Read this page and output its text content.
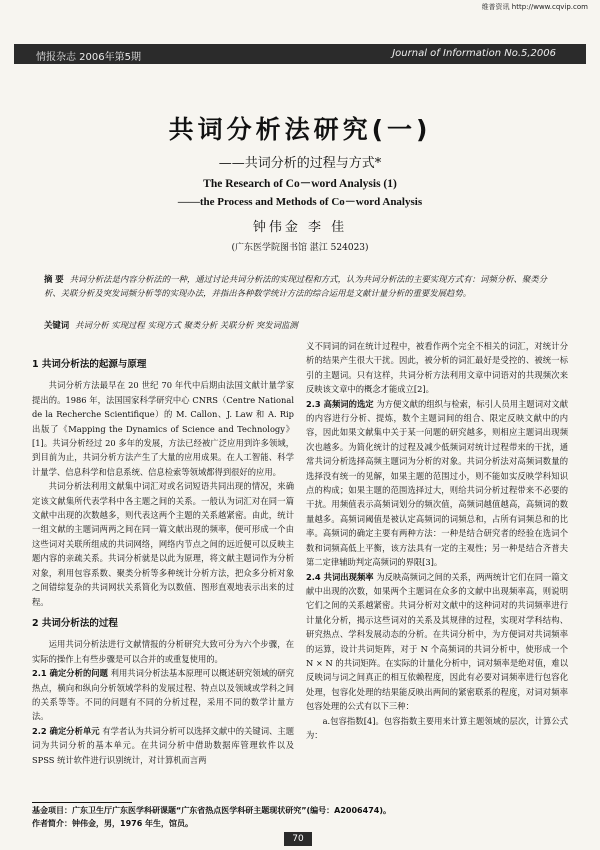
维普资讯 http://www.cqvip.com
情报杂志 2006年第5期	Journal of Information No.5,2006
共词分析法研究(一)
——共词分析的过程与方式*
The Research of Co－word Analysis (1)
——the Process and Methods of Co－word Analysis
钟伟金 李 佳
(广东医学院图书馆 湛江 524023)
摘 要 共词分析法是内容分析法的一种，通过讨论共词分析法的实现过程和方式，认为共词分析法的主要实现方式有：词频分析、聚类分析、关联分析及突发词频分析等的实现办法，并指出各种数学统计方法的综合运用是文献计量分析的重要发展趋势。
关键词 共词分析 实现过程 实现方式 聚类分析 关联分析 突发词监测
1 共词分析法的起源与原理

共词分析方法最早在 20 世纪 70 年代中后期由法国文献计量学家提出的。1986 年，法国国家科学研究中心 CNRS（Centre National de la Recherche Scientifique）的 M. Callon、J. Law 和 A. Rip 出版了《Mapping the Dynamics of Science and Technology》[1]。共词分析经过 20 多年的发展，方法已经被广泛应用到许多领域，到目前为止，共词分析方法产生了大量的应用成果。在人工智能、科学计量学、信息科学和信息系统、信息检索等领域都得到很好的应用。

共词分析法利用文献集中词汇对或名词短语共同出现的情况，来确定该文献集所代表学科中各主题之间的关系。一般认为词汇对在同一篇文献中出现的次数越多，则代表这两个主题的关系越紧密。由此，统计一组文献的主题词两两之间在同一篇文献出现的频率，便可形成一个由这些词对关联所组成的共词网络，网络内节点之间的远近便可以反映主题内容的亲疏关系。共词分析就是以此为原理，将文献主题词作为分析对象，利用包容系数、聚类分析等多种统计分析方法，把众多分析对象之间错综复杂的共词网状关系简化为以数值、图形直观地表示出来的过程。

2 共词分析法的过程

运用共词分析法进行文献情报的分析研究大致可分为六个步骤，在实际的操作上有些步骤是可以合并的或重复使用的。

2.1 确定分析的问题 利用共词分析法基本原理可以概述研究领域的研究热点，横向和纵向分析领域学科的发展过程、特点以及领域或学科之间的关系等等。不同的问题有不同的分析过程，采用不同的数学计量方法。

2.2 确定分析单元 有学者认为共词分析可以选择文献中的关键词、主题词为共词分析的基本单元。在共词分析中借助数据库管理软件以及 SPSS 统计软件进行识别统计，对计算机而言两

义不同词的词在统计过程中，被看作两个完全不相关的词汇，对统计分析的结果产生很大干扰。因此，被分析的词汇最好是受控的、被统一标引的主题词。只有这样，共词分析方法利用文章中词语对的共现频次来反映该文章中的概念才能成立[2]。

2.3 高频词的选定 为方便文献的组织与检索，标引人员用主题词对文献的内容进行分析、提炼，数个主题词间的组合、限定反映文献中的内容，因此如果文献集中关于某一问题的研究越多，则相应主题词出现频次也越多。为简化统计的过程及减少低频词对统计过程带来的干扰，通常共词分析选择高频主题词为分析的对象。共词分析法对高频词数量的选择没有统一的见解，如果主题的范围过小，则不能如实反映学科知识点的构成；如果主题的范围选择过大，则给共词分析过程带来不必要的干扰。用频值表示高频词划分的频次值，高频词越值越高，高频词的数量越多。高频词阈值是被认定高频词的词频总和，占所有词频总和的比率。高频词的确定主要有两种方法：一种是结合研究者的经验在选词个数和词频高低上平衡，该方法具有一定的主观性；另一种是结合齐普夫第二定律辅助判定高频词的界限[3]。

2.4 共词出现频率 为反映高频词之间的关系，两两统计它们在同一篇文献中出现的次数，如果两个主题词在众多的文献中出现频率高，则说明它们之间的关系越紧密。共词分析对文献中的这种词对的共词频率进行计量化分析，揭示这些词对的关系及其规律的过程，实现对学科结构、研究热点、学科发展动态的分析。在共词分析中，为方便词对共词频率的运算，设计共词矩阵，对于 N 个高频词的共词分析中，使形成一个 N × N 的共词矩阵。在实际的计量化分析中，词对频率是绝对值，难以反映词与词之间真正的相互依赖程度，因此有必要对词频率进行包容化处理，包容化处理的结果能反映出两间的紧密联系的程度，对词对频率包容处理的公式有以下三种：

a.包容指数[4]。包容指数主要用来计算主题领域的层次，计算公式为：

基金项目：广东卫生厅广东医学科研课题“广东省热点医学科研主题现状研究”(编号：A2006474)。
作者简介：钟伟金，男，1976 年生，馆员。
70
